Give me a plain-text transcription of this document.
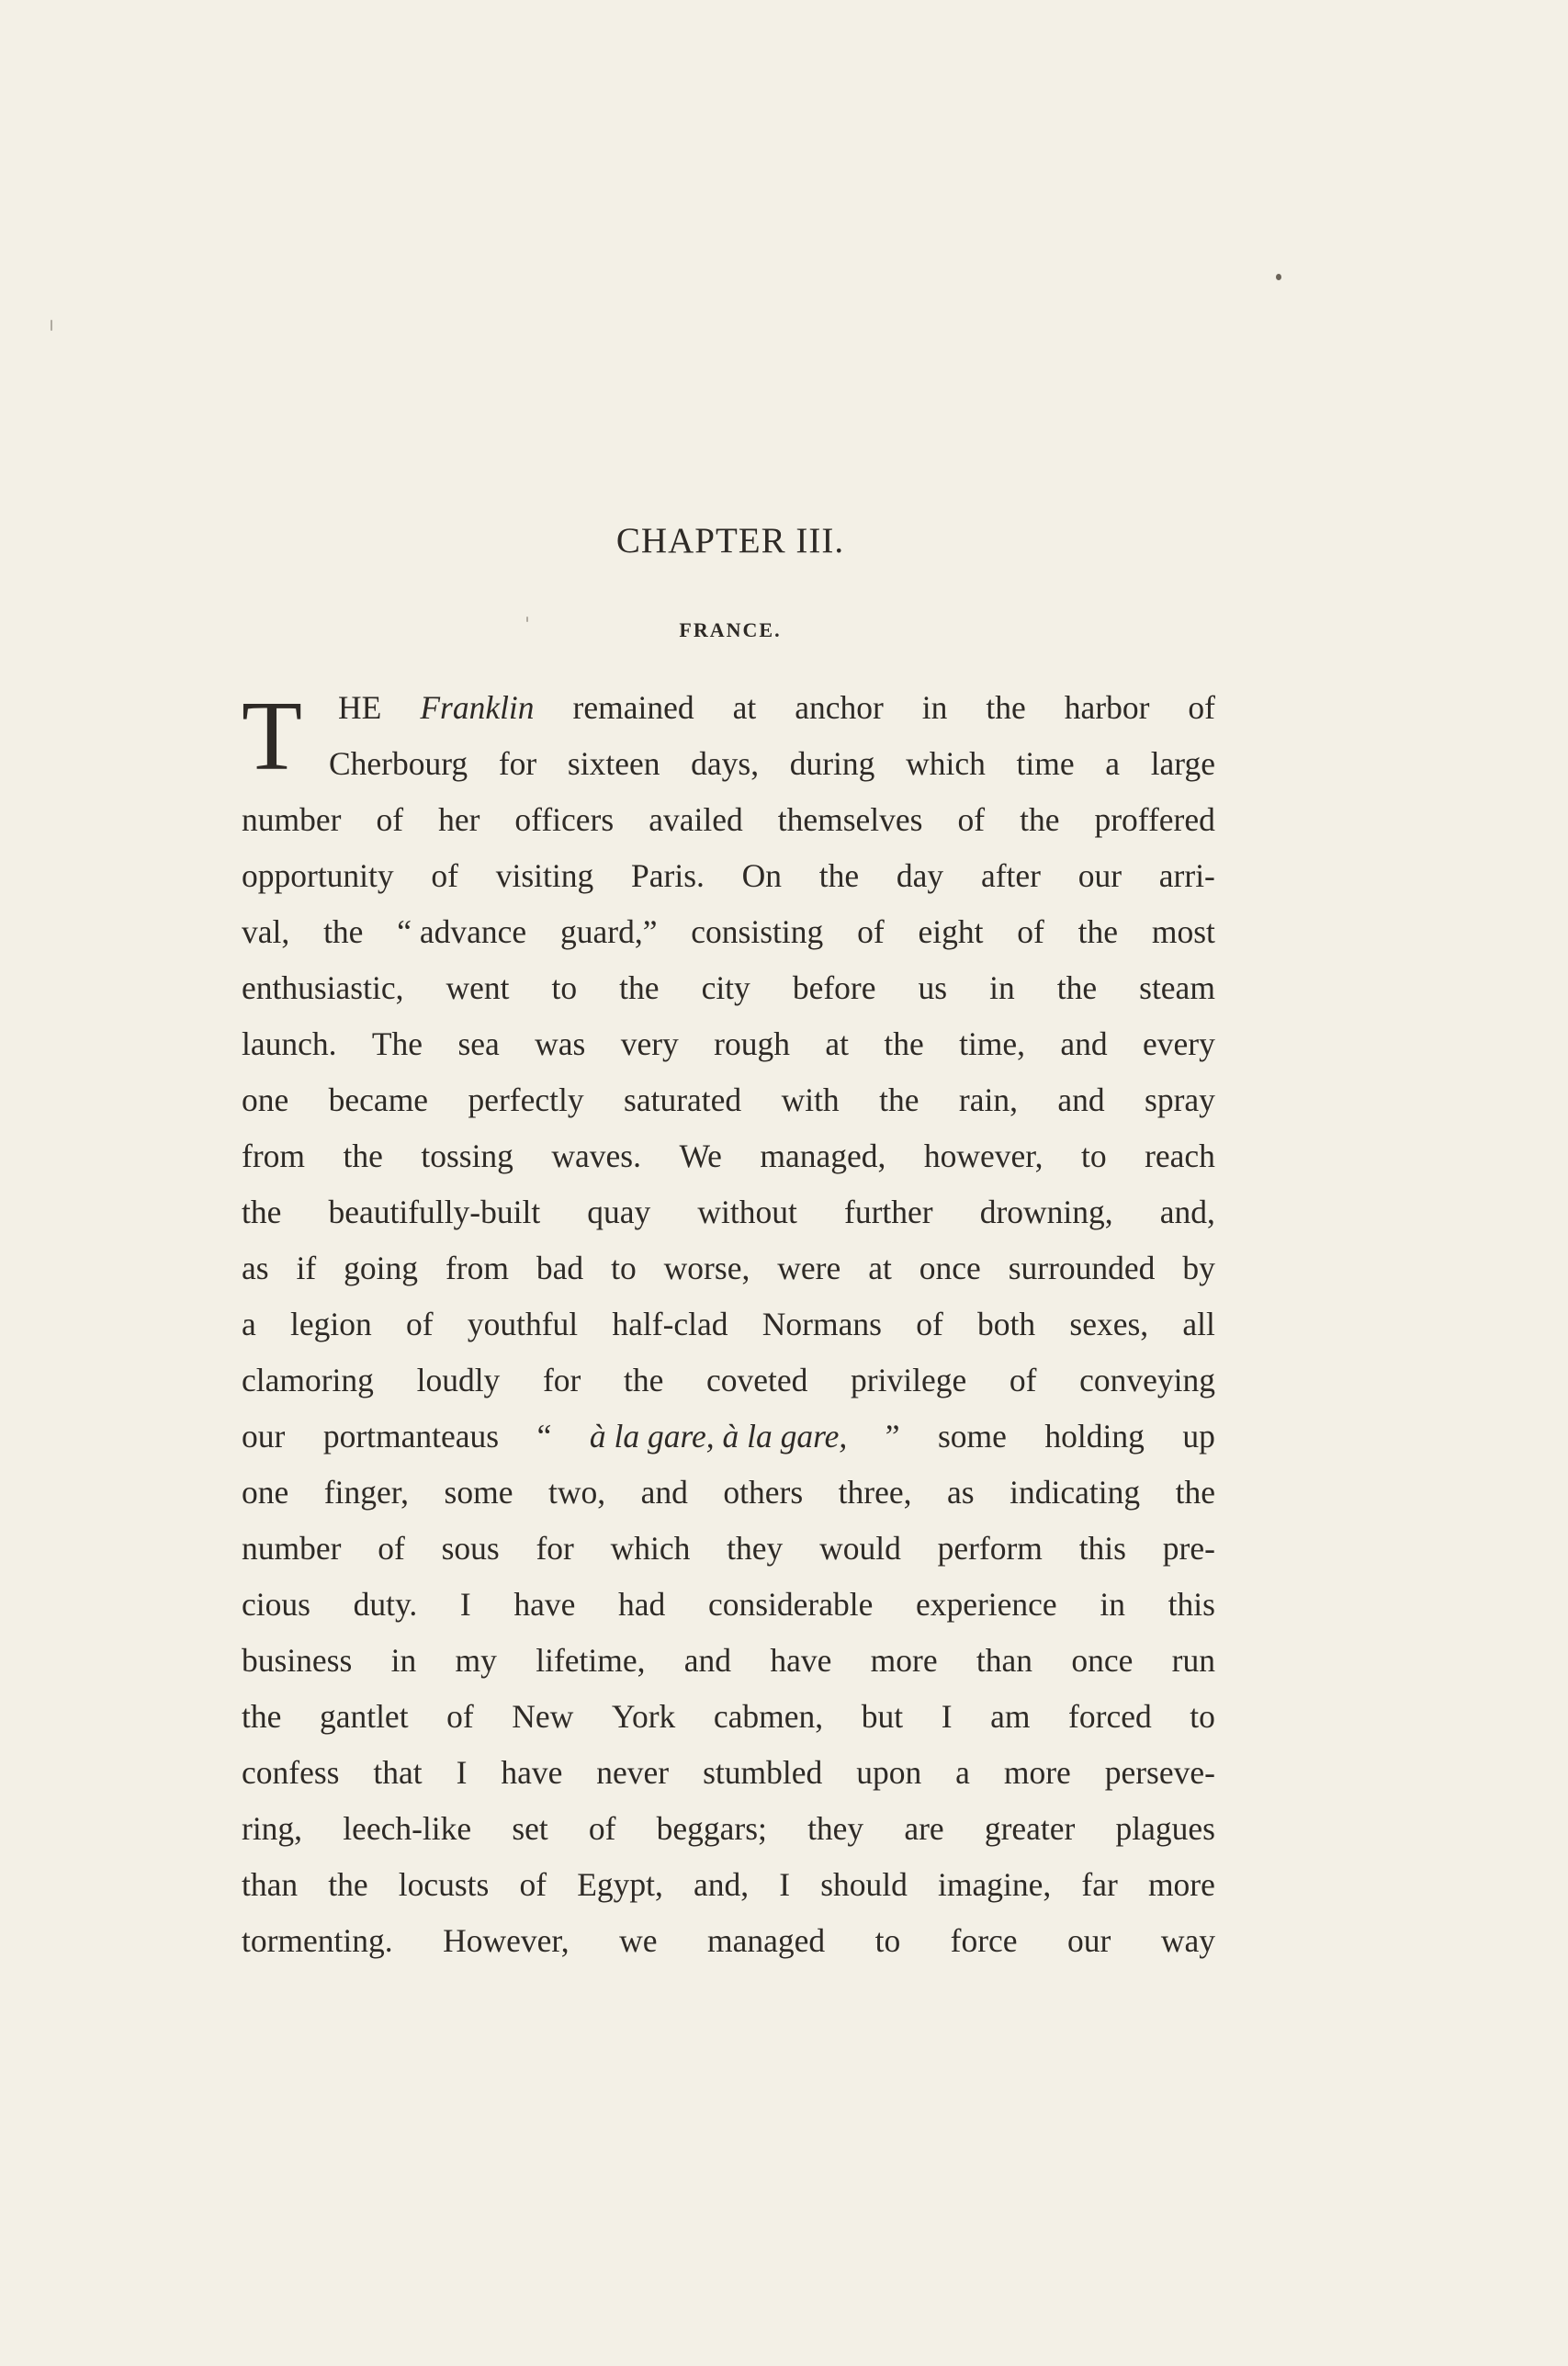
CHAPTER III.
FRANCE.
T HE Franklin remained at anchor in the harbor of
Cherbourg for sixteen days, during which time a large
number of her officers availed themselves of the proffered
opportunity of visiting Paris. On the day after our arri-
val, the “ advance guard,” consisting of eight of the most
enthusiastic, went to the city before us in the steam
launch. The sea was very rough at the time, and every
one became perfectly saturated with the rain, and spray
from the tossing waves. We managed, however, to reach
the beautifully-built quay without further drowning, and,
as if going from bad to worse, were at once surrounded by
a legion of youthful half-clad Normans of both sexes, all
clamoring loudly for the coveted privilege of conveying
our portmanteaus “ à la gare, à la gare, ” some holding up
one finger, some two, and others three, as indicating the
number of sous for which they would perform this pre-
cious duty. I have had considerable experience in this
business in my lifetime, and have more than once run
the gantlet of New York cabmen, but I am forced to
confess that I have never stumbled upon a more perseve-
ring, leech-like set of beggars; they are greater plagues
than the locusts of Egypt, and, I should imagine, far more
tormenting. However, we managed to force our way
